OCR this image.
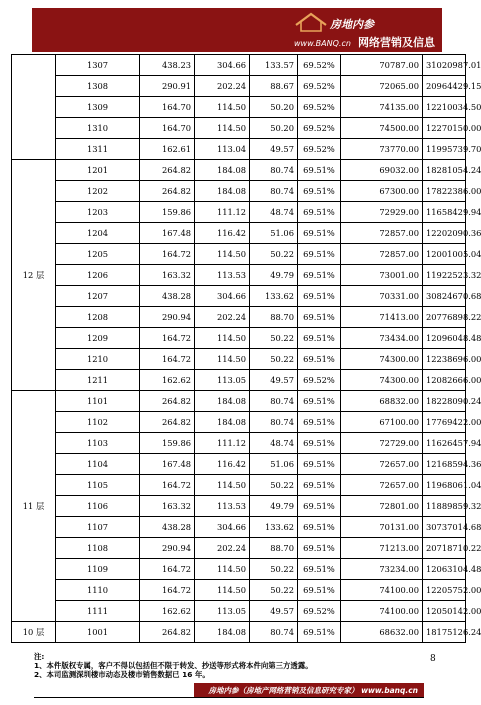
房地内参
www.BANQ.cn 网络营销及信息研究专家
	1307	438.23	304.66	133.57	69.52%	70787.00	31020987.01
	1308	290.91	202.24	88.67	69.52%	72065.00	20964429.15
	1309	164.70	114.50	50.20	69.52%	74135.00	12210034.50
	1310	164.70	114.50	50.20	69.52%	74500.00	12270150.00
	1311	162.61	113.04	49.57	69.52%	73770.00	11995739.70
12 层	1201	264.82	184.08	80.74	69.51%	69032.00	18281054.24
	1202	264.82	184.08	80.74	69.51%	67300.00	17822386.00
	1203	159.86	111.12	48.74	69.51%	72929.00	11658429.94
	1204	167.48	116.42	51.06	69.51%	72857.00	12202090.36
	1205	164.72	114.50	50.22	69.51%	72857.00	12001005.04
	1206	163.32	113.53	49.79	69.51%	73001.00	11922523.32
	1207	438.28	304.66	133.62	69.51%	70331.00	30824670.68
	1208	290.94	202.24	88.70	69.51%	71413.00	20776898.22
	1209	164.72	114.50	50.22	69.51%	73434.00	12096048.48
	1210	164.72	114.50	50.22	69.51%	74300.00	12238696.00
	1211	162.62	113.05	49.57	69.52%	74300.00	12082666.00
11 层	1101	264.82	184.08	80.74	69.51%	68832.00	18228090.24
	1102	264.82	184.08	80.74	69.51%	67100.00	17769422.00
	1103	159.86	111.12	48.74	69.51%	72729.00	11626457.94
	1104	167.48	116.42	51.06	69.51%	72657.00	12168594.36
	1105	164.72	114.50	50.22	69.51%	72657.00	11968061.04
	1106	163.32	113.53	49.79	69.51%	72801.00	11889859.32
	1107	438.28	304.66	133.62	69.51%	70131.00	30737014.68
	1108	290.94	202.24	88.70	69.51%	71213.00	20718710.22
	1109	164.72	114.50	50.22	69.51%	73234.00	12063104.48
	1110	164.72	114.50	50.22	69.51%	74100.00	12205752.00
	1111	162.62	113.05	49.57	69.52%	74100.00	12050142.00
10 层	1001	264.82	184.08	80.74	69.51%	68632.00	18175126.24
注:
1、本件版权专属，客户不得以包括但不限于转发、抄送等形式将本件向第三方透露。
2、本司监测深圳楼市动态及楼市销售数据已 16 年。
8
房地内参（房地产网络营销及信息研究专家） www.banq.cn
